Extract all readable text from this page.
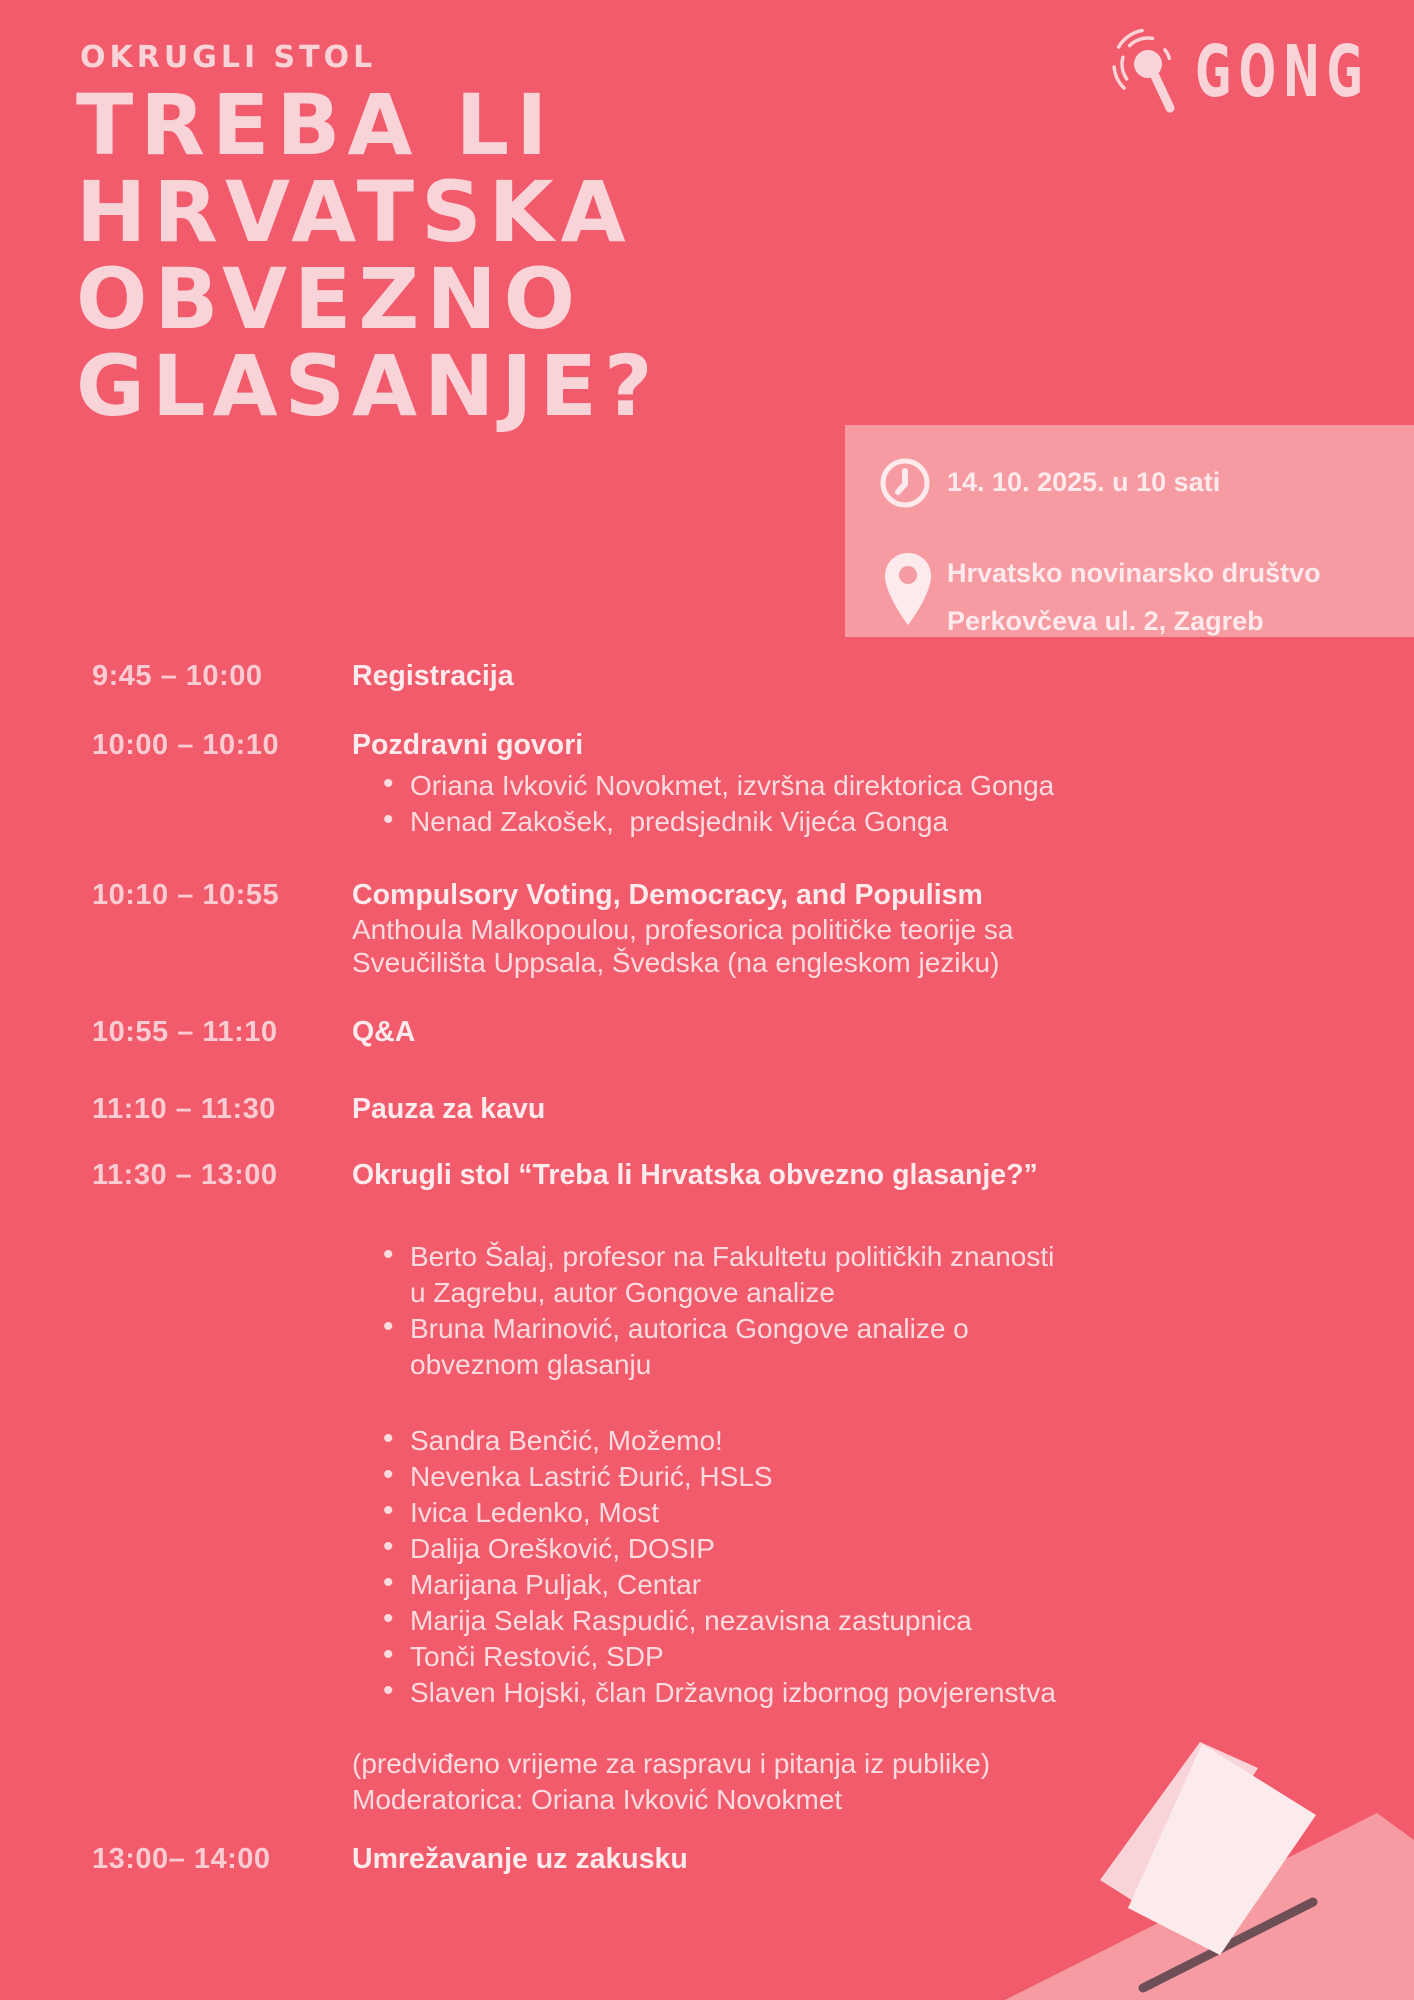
OKRUGLI STOL
TREBA LI
HRVATSKA
OBVEZNO
GLASANJE?
GONG
14. 10. 2025. u 10 sati
Hrvatsko novinarsko društvo
Perkovčeva ul. 2, Zagreb
9:45 – 10:00	Registracija
10:00 – 10:10	Pozdravni govori
• Oriana Ivković Novokmet, izvršna direktorica Gonga
• Nenad Zakošek,  predsjednik Vijeća Gonga
10:10 – 10:55	Compulsory Voting, Democracy, and Populism
Anthoula Malkopoulou, profesorica političke teorije sa
Sveučilišta Uppsala, Švedska (na engleskom jeziku)
10:55 – 11:10	Q&A
11:10 – 11:30	Pauza za kavu
11:30 – 13:00	Okrugli stol “Treba li Hrvatska obvezno glasanje?”
• Berto Šalaj, profesor na Fakultetu političkih znanosti
u Zagrebu, autor Gongove analize
• Bruna Marinović, autorica Gongove analize o
obveznom glasanju
• Sandra Benčić, Možemo!
• Nevenka Lastrić Đurić, HSLS
• Ivica Ledenko, Most
• Dalija Orešković, DOSIP
• Marijana Puljak, Centar
• Marija Selak Raspudić, nezavisna zastupnica
• Tonči Restović, SDP
• Slaven Hojski, član Državnog izbornog povjerenstva
(predviđeno vrijeme za raspravu i pitanja iz publike)
Moderatorica: Oriana Ivković Novokmet
13:00– 14:00	Umrežavanje uz zakusku
